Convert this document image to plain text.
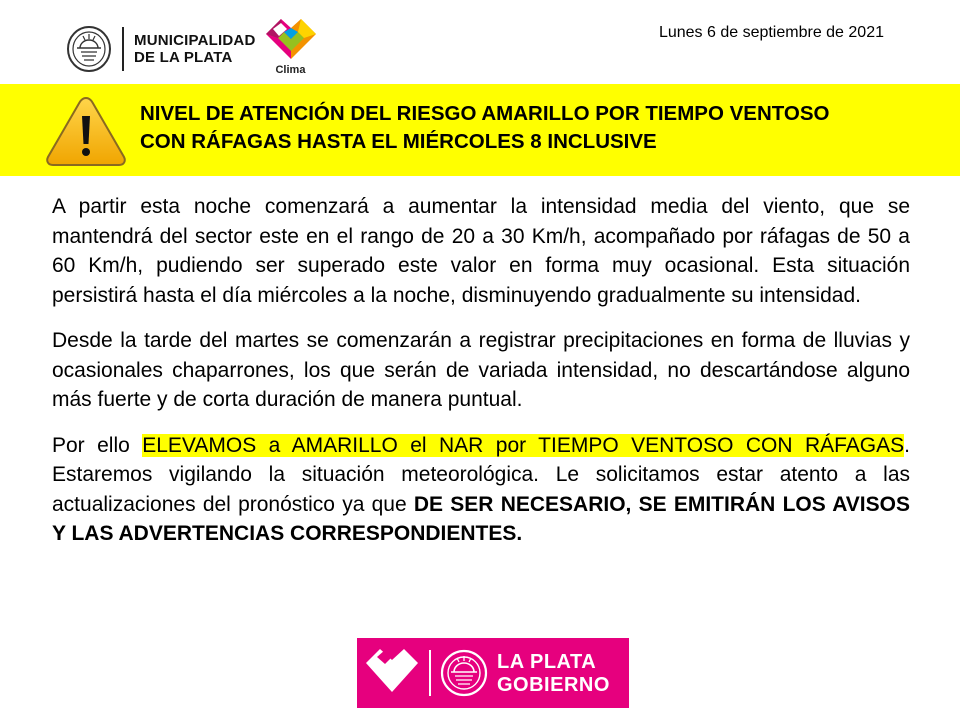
MUNICIPALIDAD
DE LA PLATA
Clima
Lunes 6 de septiembre de 2021
NIVEL DE ATENCIÓN DEL RIESGO AMARILLO POR TIEMPO VENTOSO
CON RÁFAGAS HASTA EL MIÉRCOLES 8 INCLUSIVE

A partir esta noche comenzará a aumentar la intensidad media del viento, que se mantendrá del sector este en el rango de 20 a 30 Km/h, acompañado por ráfagas de 50 a 60 Km/h, pudiendo ser superado este valor en forma muy ocasional. Esta situación persistirá hasta el día miércoles a la noche, disminuyendo gradualmente su intensidad.

Desde la tarde del martes se comenzarán a registrar precipitaciones en forma de lluvias y ocasionales chaparrones, los que serán de variada intensidad, no descartándose alguno más fuerte y de corta duración de manera puntual.

Por ello ELEVAMOS a AMARILLO el NAR por TIEMPO VENTOSO CON RÁFAGAS. Estaremos vigilando la situación meteorológica. Le solicitamos estar atento a las actualizaciones del pronóstico ya que DE SER NECESARIO, SE EMITIRÁN LOS AVISOS Y LAS ADVERTENCIAS CORRESPONDIENTES.

LA PLATA
GOBIERNO
